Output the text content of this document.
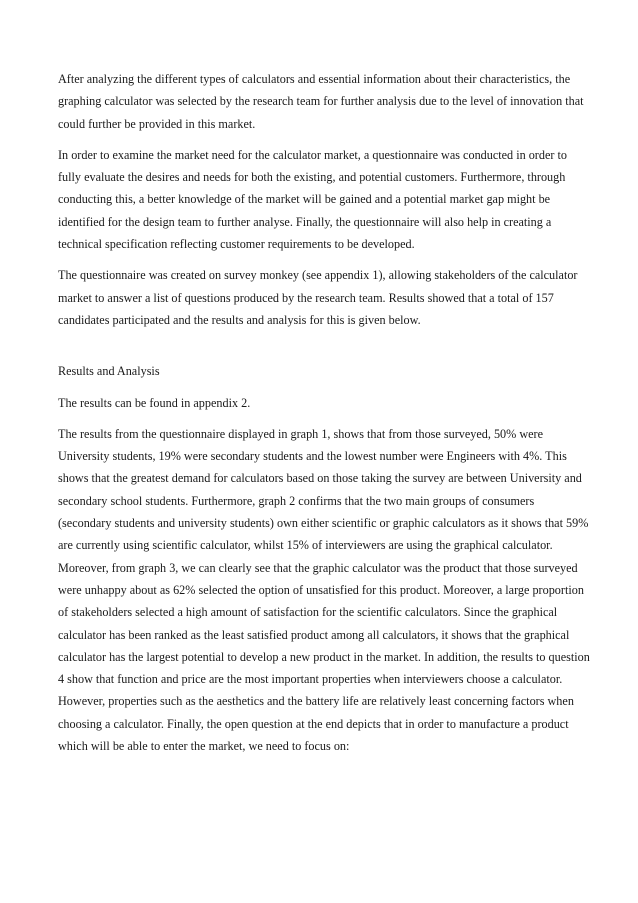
After analyzing the different types of calculators and essential information about their characteristics, the graphing calculator was selected by the research team for further analysis due to the level of innovation that could further be provided in this market.

In order to examine the market need for the calculator market, a questionnaire was conducted in order to fully evaluate the desires and needs for both the existing, and potential customers. Furthermore, through conducting this, a better knowledge of the market will be gained and a potential market gap might be identified for the design team to further analyse. Finally, the questionnaire will also help in creating a technical specification reflecting customer requirements to be developed.

The questionnaire was created on survey monkey (see appendix 1), allowing stakeholders of the calculator market to answer a list of questions produced by the research team. Results showed that a total of 157 candidates participated and the results and analysis for this is given below.

Results and Analysis

The results can be found in appendix 2.

The results from the questionnaire displayed in graph 1, shows that from those surveyed, 50% were University students, 19% were secondary students and the lowest number were Engineers with 4%. This shows that the greatest demand for calculators based on those taking the survey are between University and secondary school students. Furthermore, graph 2 confirms that the two main groups of consumers (secondary students and university students) own either scientific or graphic calculators as it shows that 59% are currently using scientific calculator, whilst 15% of interviewers are using the graphical calculator. Moreover, from graph 3, we can clearly see that the graphic calculator was the product that those surveyed were unhappy about as 62% selected the option of unsatisfied for this product. Moreover, a large proportion of stakeholders selected a high amount of satisfaction for the scientific calculators. Since the graphical calculator has been ranked as the least satisfied product among all calculators, it shows that the graphical calculator has the largest potential to develop a new product in the market. In addition, the results to question 4 show that function and price are the most important properties when interviewers choose a calculator. However, properties such as the aesthetics and the battery life are relatively least concerning factors when choosing a calculator. Finally, the open question at the end depicts that in order to manufacture a product which will be able to enter the market, we need to focus on:
